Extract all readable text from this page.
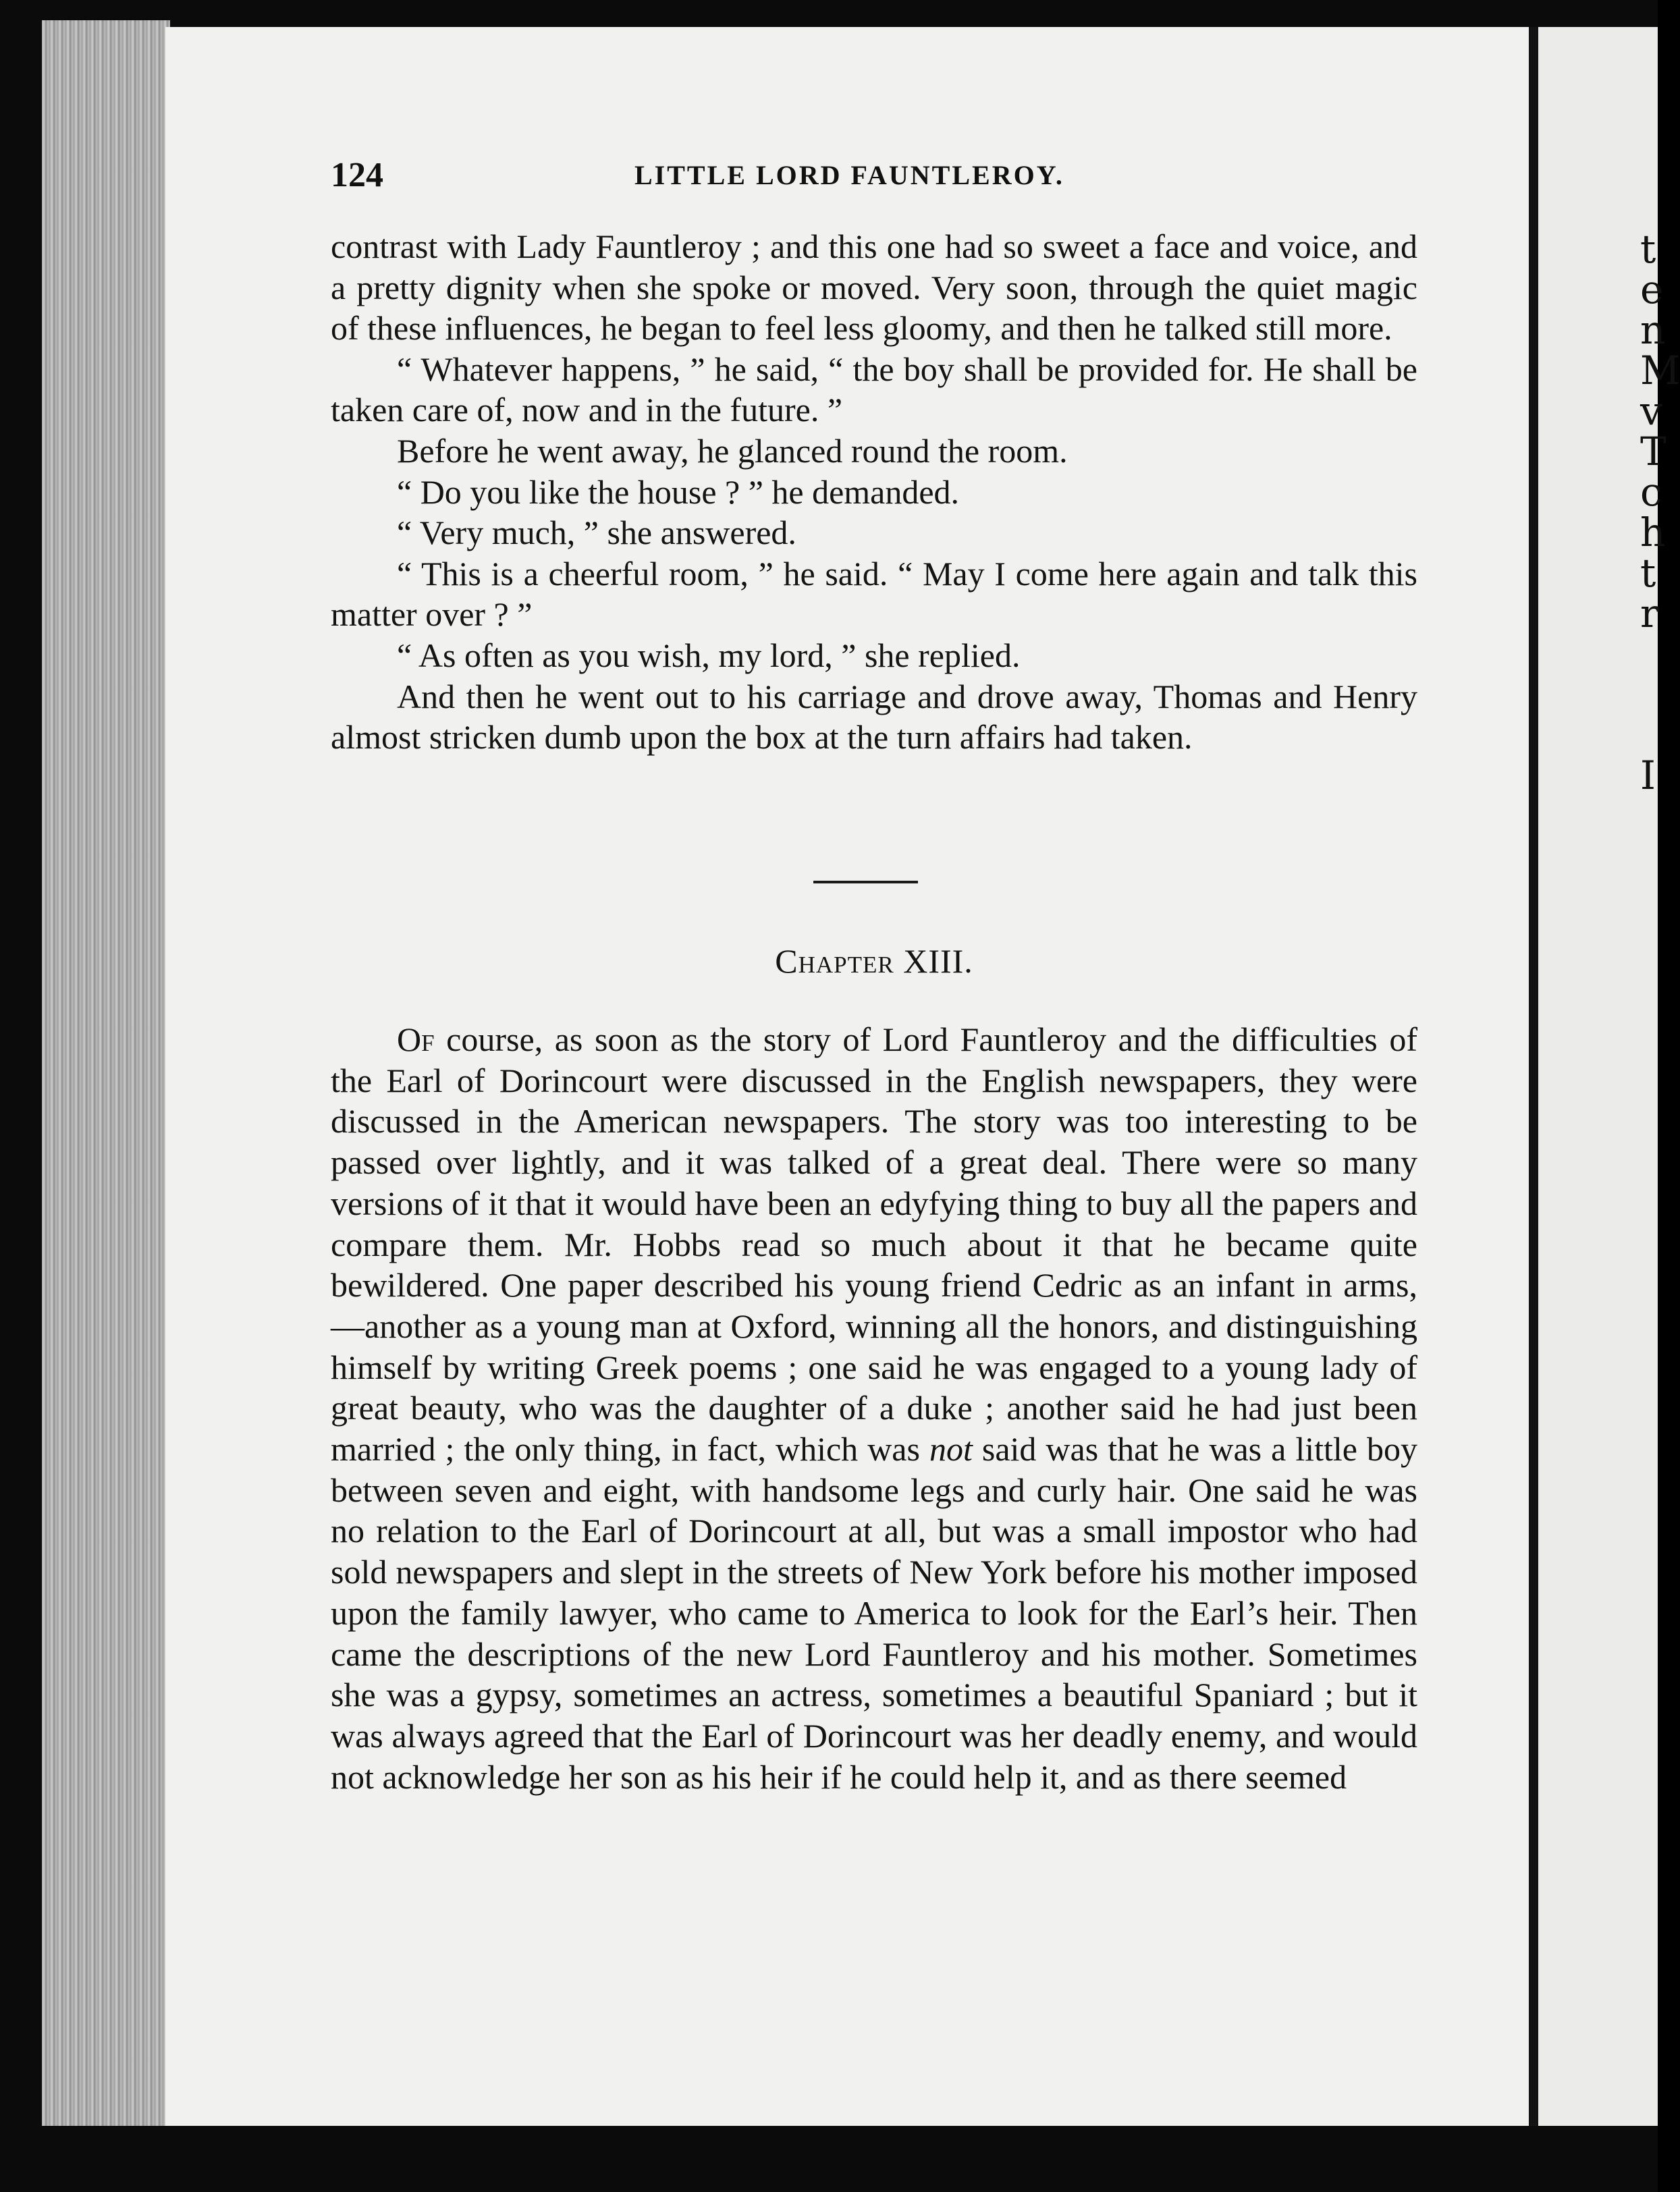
t
e
n
M
v
T
c
h
t
r
I
124	LITTLE LORD FAUNTLEROY.

contrast with Lady Fauntleroy ; and this one had so sweet a face and voice, and a pretty dignity when she spoke or moved. Very soon, through the quiet magic of these influences, he began to feel less gloomy, and then he talked still more.

“ Whatever happens, ” he said, “ the boy shall be provided for. He shall be taken care of, now and in the future. ”

Before he went away, he glanced round the room.

“ Do you like the house ? ” he demanded.

“ Very much, ” she answered.

“ This is a cheerful room, ” he said. “ May I come here again and talk this matter over ? ”

“ As often as you wish, my lord, ” she replied.

And then he went out to his carriage and drove away, Thomas and Henry almost stricken dumb upon the box at the turn affairs had taken.

Chapter XIII.

Of course, as soon as the story of Lord Fauntleroy and the difficulties of the Earl of Dorincourt were discussed in the English newspapers, they were discussed in the American newspapers. The story was too interesting to be passed over lightly, and it was talked of a great deal. There were so many versions of it that it would have been an edyfying thing to buy all the papers and compare them. Mr. Hobbs read so much about it that he became quite bewildered. One paper described his young friend Cedric as an infant in arms, —another as a young man at Oxford, winning all the honors, and distinguishing himself by writing Greek poems ; one said he was engaged to a young lady of great beauty, who was the daughter of a duke ; another said he had just been married ; the only thing, in fact, which was not said was that he was a little boy between seven and eight, with handsome legs and curly hair. One said he was no relation to the Earl of Dorincourt at all, but was a small impostor who had sold newspapers and slept in the streets of New York before his mother imposed upon the family lawyer, who came to America to look for the Earl’s heir. Then came the descriptions of the new Lord Fauntleroy and his mother. Sometimes she was a gypsy, sometimes an actress, sometimes a beautiful Spaniard ; but it was always agreed that the Earl of Dorincourt was her deadly enemy, and would not acknowledge her son as his heir if he could help it, and as there seemed
